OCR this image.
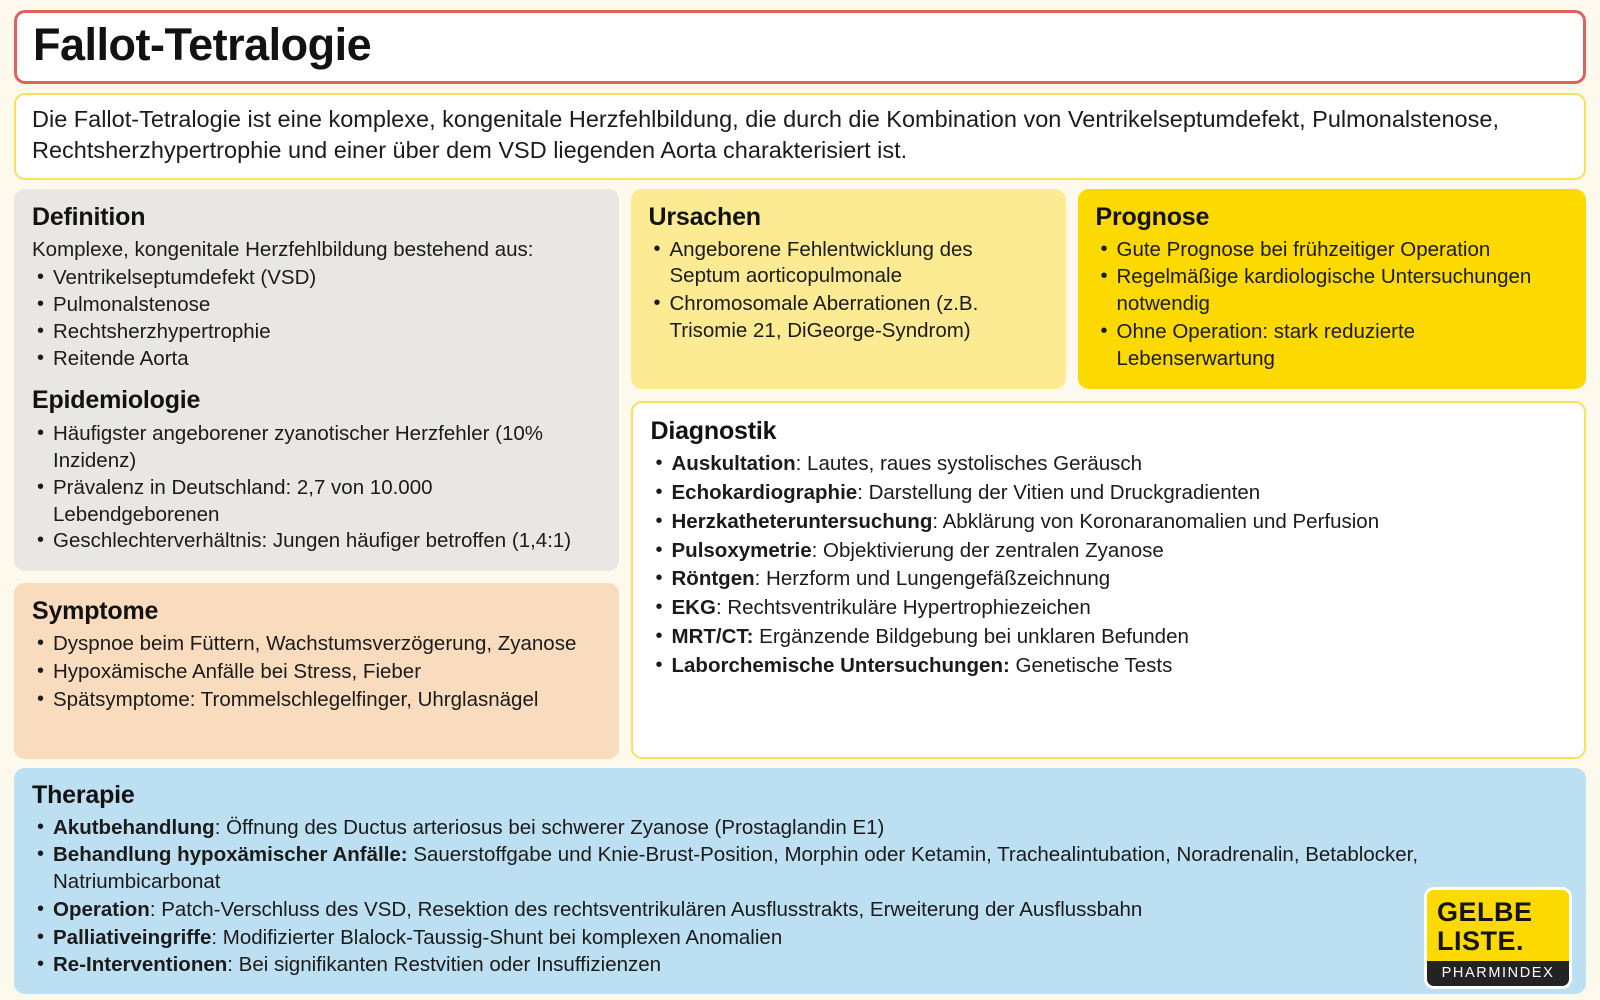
Fallot-Tetralogie

Die Fallot-Tetralogie ist eine komplexe, kongenitale Herzfehlbildung, die durch die Kombination von Ventrikelseptumdefekt, Pulmonalstenose, Rechtsherzhypertrophie und einer über dem VSD liegenden Aorta charakterisiert ist.

Definition
Komplexe, kongenitale Herzfehlbildung bestehend aus:
• Ventrikelseptumdefekt (VSD)
• Pulmonalstenose
• Rechtsherzhypertrophie
• Reitende Aorta
Epidemiologie
• Häufigster angeborener zyanotischer Herzfehler (10% Inzidenz)
• Prävalenz in Deutschland: 2,7 von 10.000 Lebendgeborenen
• Geschlechterverhältnis: Jungen häufiger betroffen (1,4:1)
Symptome
• Dyspnoe beim Füttern, Wachstumsverzögerung, Zyanose
• Hypoxämische Anfälle bei Stress, Fieber
• Spätsymptome: Trommelschlegelfinger, Uhrglasnägel
Ursachen
• Angeborene Fehlentwicklung des Septum aorticopulmonale
• Chromosomale Aberrationen (z.B. Trisomie 21, DiGeorge-Syndrom)
Prognose
• Gute Prognose bei frühzeitiger Operation
• Regelmäßige kardiologische Untersuchungen notwendig
• Ohne Operation: stark reduzierte Lebenserwartung
Diagnostik
• Auskultation: Lautes, raues systolisches Geräusch
• Echokardiographie: Darstellung der Vitien und Druckgradienten
• Herzkatheteruntersuchung: Abklärung von Koronaranomalien und Perfusion
• Pulsoxymetrie: Objektivierung der zentralen Zyanose
• Röntgen: Herzform und Lungengefäßzeichnung
• EKG: Rechtsventrikuläre Hypertrophiezeichen
• MRT/CT: Ergänzende Bildgebung bei unklaren Befunden
• Laborchemische Untersuchungen: Genetische Tests
Therapie
• Akutbehandlung: Öffnung des Ductus arteriosus bei schwerer Zyanose (Prostaglandin E1)
• Behandlung hypoxämischer Anfälle: Sauerstoffgabe und Knie-Brust-Position, Morphin oder Ketamin, Trachealintubation, Noradrenalin, Betablocker, Natriumbicarbonat
• Operation: Patch-Verschluss des VSD, Resektion des rechtsventrikulären Ausflusstrakts, Erweiterung der Ausflussbahn
• Palliativeingriffe: Modifizierter Blalock-Taussig-Shunt bei komplexen Anomalien
• Re-Interventionen: Bei signifikanten Restvitien oder Insuffizienzen
GELBE
LISTE.
PHARMINDEX
